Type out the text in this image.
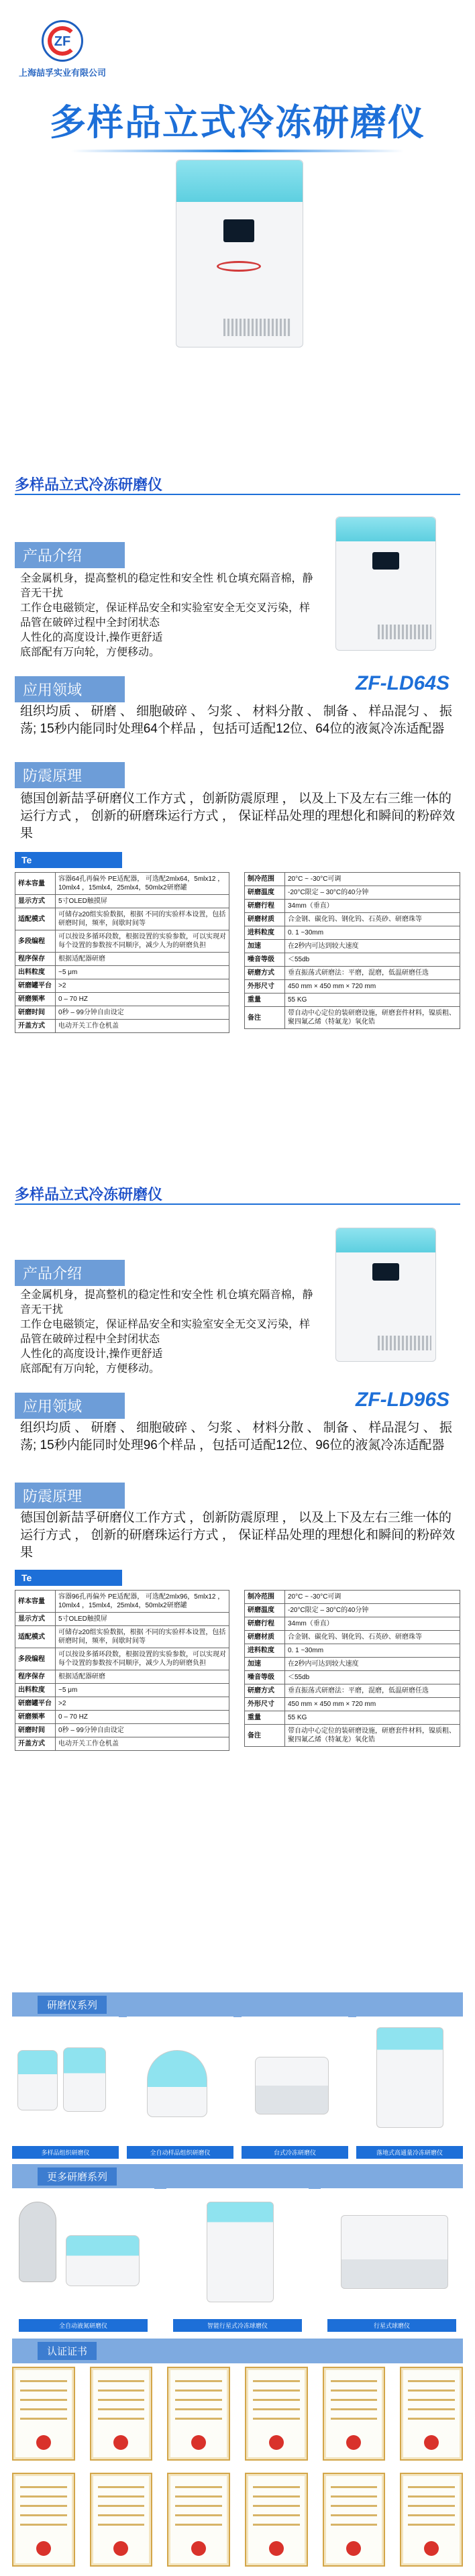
ZF
上海喆孚实业有限公司
多样品立式冷冻研磨仪
多样品立式冷冻研磨仪
产品介绍
全金属机身，提高整机的稳定性和安全性 机仓填充隔音棉，静音无干扰
工作仓电磁锁定，保证样品安全和实验室安全无交叉污染，样品管在破碎过程中全封闭状态
人性化的高度设计,操作更舒适
底部配有万向轮，方便移动。
应用领域	ZF-LD64S
组织均质 、 研磨 、 细胞破碎 、 匀浆 、 材料分散 、 制备 、 样品混匀 、 振荡; 15秒内能同时处理64个样品 ，包括可适配12位、64位的液氮冷冻适配器
防震原理
德国创新喆孚研磨仪工作方式 ，创新防震原理 ， 以及上下及左右三维一体的运行方式 ， 创新的研磨珠运行方式 ， 保证样品处理的理想化和瞬间的粉碎效果
Te
样本容量	容器64孔再偏外 PE适配器， 可选配2mlx64，5mlx12 ，10mlx4 ，15mlx4，25mlx4，50mlx2研磨罐
显示方式	5寸OLED触摸屏
适配模式	可储存≥20组实验数据，根据 不同的实验样本设置，包括研磨时间，频率，间歇时间等
多段编程	可以按设多循环段数，根据设置的实验参数，可以实现对每个设置的参数按不同顺序，减少人为的研磨负担
程序保存	根据适配器研磨
出料粒度	~5 μm
研磨罐平台	>2
研磨频率	0 – 70 HZ
研磨时间	0秒 – 99分钟自由设定
开盖方式	电动开关工作仓机盖
制冷范围	20°C ~ -30°C可调
研磨温度	-20°C限定 – 30°C的40分钟
研磨行程	34mm（垂直）
研磨材质	合金钢、碳化钨、钢化钨、石英砂、研磨珠等
进料粒度	0. 1 ~30mm
加速	在2秒内可达到较大速度
噪音等级	＜55db
研磨方式	垂直振荡式研磨法：平磨，混磨，低温研磨任选
外形尺寸	450 mm × 450 mm × 720 mm
重量	55 KG
备注	带自动中心定位的装研磨设施，研磨套件材料，镍质粗、聚四氟乙烯（特氟龙）氧化锆
多样品立式冷冻研磨仪
产品介绍
全金属机身，提高整机的稳定性和安全性 机仓填充隔音棉，静音无干扰
工作仓电磁锁定，保证样品安全和实验室安全无交叉污染，样品管在破碎过程中全封闭状态
人性化的高度设计,操作更舒适
底部配有万向轮，方便移动。
应用领域	ZF-LD96S
组织均质 、 研磨 、 细胞破碎 、 匀浆 、 材料分散 、 制备 、 样品混匀 、 振荡; 15秒内能同时处理96个样品 ，包括可适配12位、96位的液氮冷冻适配器
防震原理
德国创新喆孚研磨仪工作方式 ，创新防震原理 ， 以及上下及左右三维一体的运行方式 ， 创新的研磨珠运行方式 ， 保证样品处理的理想化和瞬间的粉碎效果
Te
样本容量	容器96孔再偏外 PE适配器， 可选配2mlx96，5mlx12 ，10mlx4 ，15mlx4，25mlx4，50mlx2研磨罐
显示方式	5寸OLED触摸屏
适配模式	可储存≥20组实验数据，根据 不同的实验样本设置，包括研磨时间，频率，间歇时间等
多段编程	可以按设多循环段数，根据设置的实验参数，可以实现对每个设置的参数按不同顺序，减少人为的研磨负担
程序保存	根据适配器研磨
出料粒度	~5 μm
研磨罐平台	>2
研磨频率	0 – 70 HZ
研磨时间	0秒 – 99分钟自由设定
开盖方式	电动开关工作仓机盖
制冷范围	20°C ~ -30°C可调
研磨温度	-20°C限定 – 30°C的40分钟
研磨行程	34mm（垂直）
研磨材质	合金钢、碳化钨、钢化钨、石英砂、研磨珠等
进料粒度	0. 1 ~30mm
加速	在2秒内可达到较大速度
噪音等级	＜55db
研磨方式	垂直振荡式研磨法：平磨，混磨，低温研磨任选
外形尺寸	450 mm × 450 mm × 720 mm
重量	55 KG
备注	带自动中心定位的装研磨设施，研磨套件材料，镍质粗、聚四氟乙烯（特氟龙）氧化锆
研磨仪系列
多样品组织研磨仪	全自动样品组织研磨仪	台式冷冻研磨仪	落地式高通量冷冻研磨仪
更多研磨系列
全自动液氮研磨仪	智能行星式冷冻球磨仪	行星式球磨仪
认证证书
